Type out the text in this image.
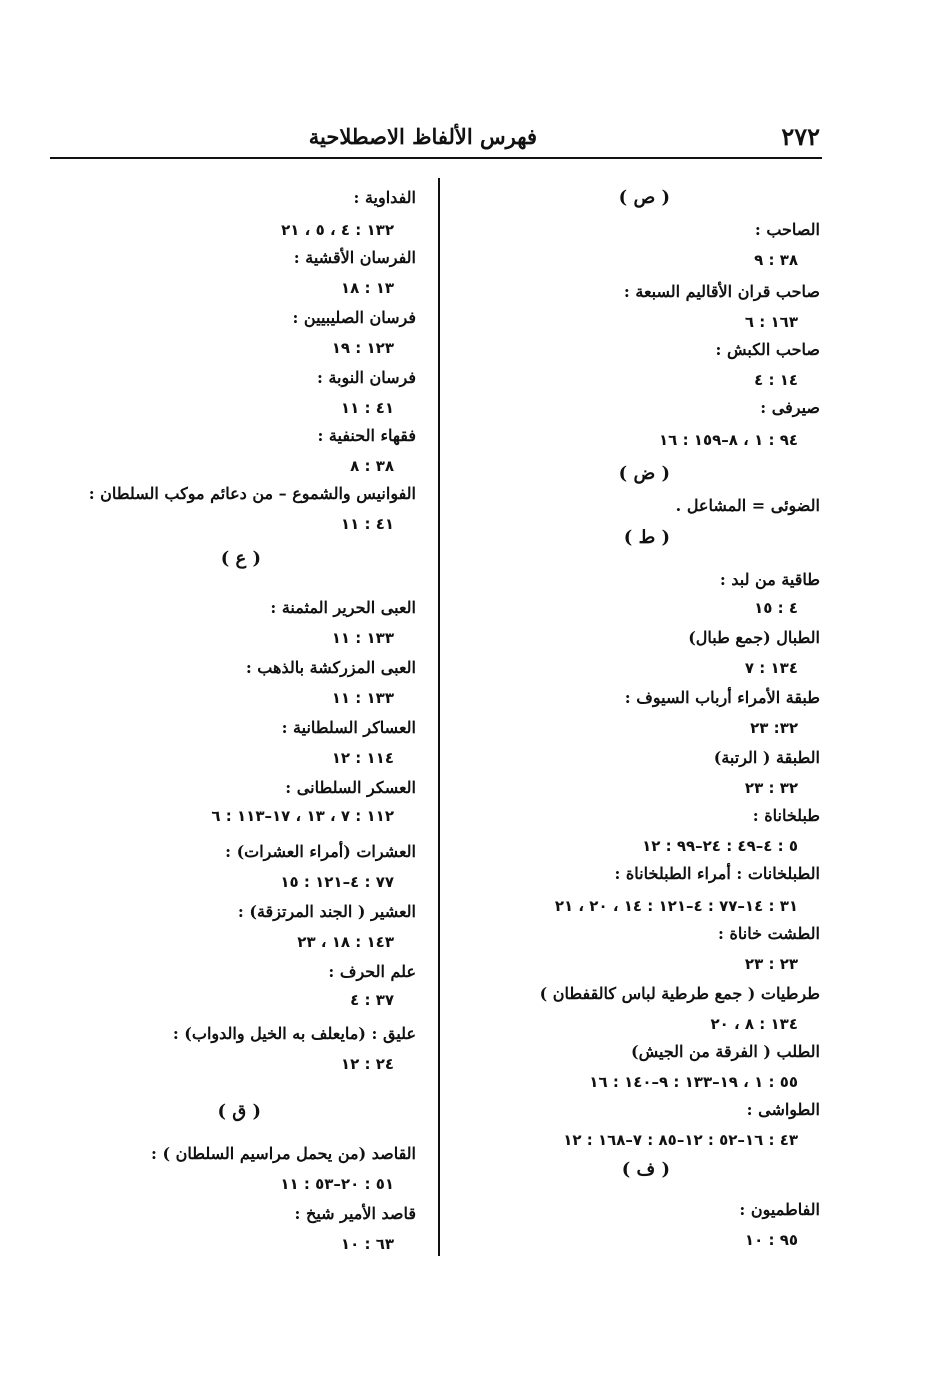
٢٧٢
فهرس الألفاظ الاصطلاحية
( ص )
الصاحب :
٣٨ : ٩
صاحب قران الأقاليم السبعة :
١٦٣ : ٦
صاحب الكبش :
١٤ : ٤
صيرفى :
٩٤ : ١ ، ٨–١٥٩ : ١٦
( ض )
الضوئى = المشاعل .
( ط )
طاقية من لبد :
٤ : ١٥
الطبال (جمع طبال)
١٣٤ : ٧
طبقة الأمراء أرباب السيوف :
٣٢: ٢٣
الطبقة ( الرتبة)
٣٢ : ٢٣
طبلخاناة :
٥ : ٤–٤٩ : ٢٤–٩٩ : ١٢
الطبلخانات : أمراء الطبلخاناة :
٣١ : ١٤–٧٧ : ٤–١٢١ : ١٤ ، ٢٠ ، ٢١
الطشت خاناة :
٢٣ : ٢٣
طرطيات ( جمع طرطية لباس كالقفطان )
١٣٤ : ٨ ، ٢٠
الطلب ( الفرقة من الجيش)
٥٥ : ١ ، ١٩–١٣٣ : ٩–١٤٠ : ١٦
الطواشى :
٤٣ : ١٦–٥٢ : ١٢–٨٥ : ٧–١٦٨ : ١٢
( ف )
الفاطميون :
٩٥ : ١٠
الفداوية :
١٣٢ : ٤ ، ٥ ، ٢١
الفرسان الأقشية :
١٣ : ١٨
فرسان الصليبيين :
١٢٣ : ١٩
فرسان النوبة :
٤١ : ١١
فقهاء الحنفية :
٣٨ : ٨
الفوانيس والشموع – من دعائم موكب السلطان :
٤١ : ١١
( ع )
العبى الحرير المثمنة :
١٣٣ : ١١
العبى المزركشة بالذهب :
١٣٣ : ١١
العساكر السلطانية :
١١٤ : ١٢
العسكر السلطانى :
١١٢ : ٧ ، ١٣ ، ١٧–١١٣ : ٦
العشرات (أمراء العشرات) :
٧٧ : ٤–١٢١ : ١٥
العشير ( الجند المرتزقة) :
١٤٣ : ١٨ ، ٢٣
علم الحرف :
٣٧ : ٤
عليق : (مايعلف به الخيل والدواب) :
٢٤ : ١٢
( ق )
القاصد (من يحمل مراسيم السلطان ) :
٥١ : ٢٠–٥٣ : ١١
قاصد الأمير شيخ :
٦٣ : ١٠
